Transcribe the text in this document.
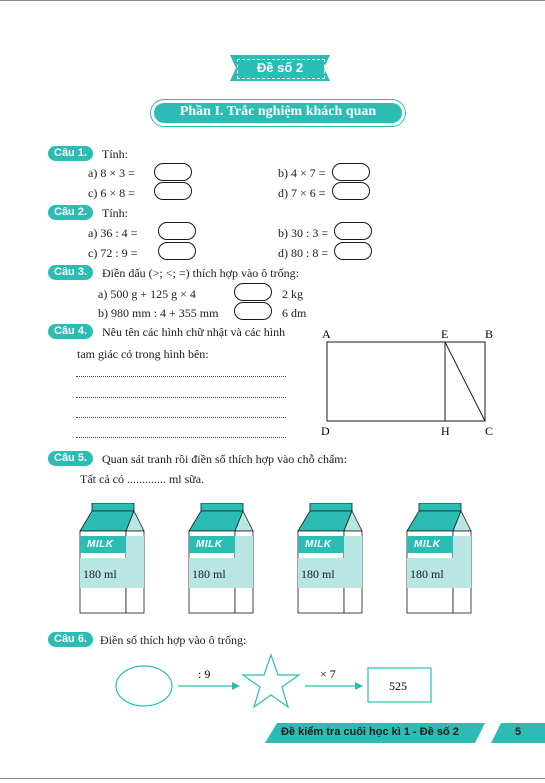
Đề số 2
Phần I. Trắc nghiệm khách quan
Câu 1.	Tính:
a) 8 × 3 =	b) 4 × 7 =
c) 6 × 8 =	d) 7 × 6 =
Câu 2.	Tính:
a) 36 : 4 =	b) 30 : 3 =
c) 72 : 9 =	d) 80 : 8 =
Câu 3.	Điền dấu (>; <; =) thích hợp vào ô trống:
a) 500 g + 125 g × 4	2 kg
b) 980 mm : 4 + 355 mm	6 dm
Câu 4.	Nêu tên các hình chữ nhật và các hình
tam giác có trong hình bên:
A	E	B
D	H	C
Câu 5.	Quan sát tranh rồi điền số thích hợp vào chỗ chấm:
Tất cả có ............. ml sữa.
MILK
180 ml
MILK
180 ml
MILK
180 ml
MILK
180 ml
Câu 6.	Điền số thích hợp vào ô trống:
: 9	× 7
525
Đề kiểm tra cuối học kì 1 - Đề số 2	5
